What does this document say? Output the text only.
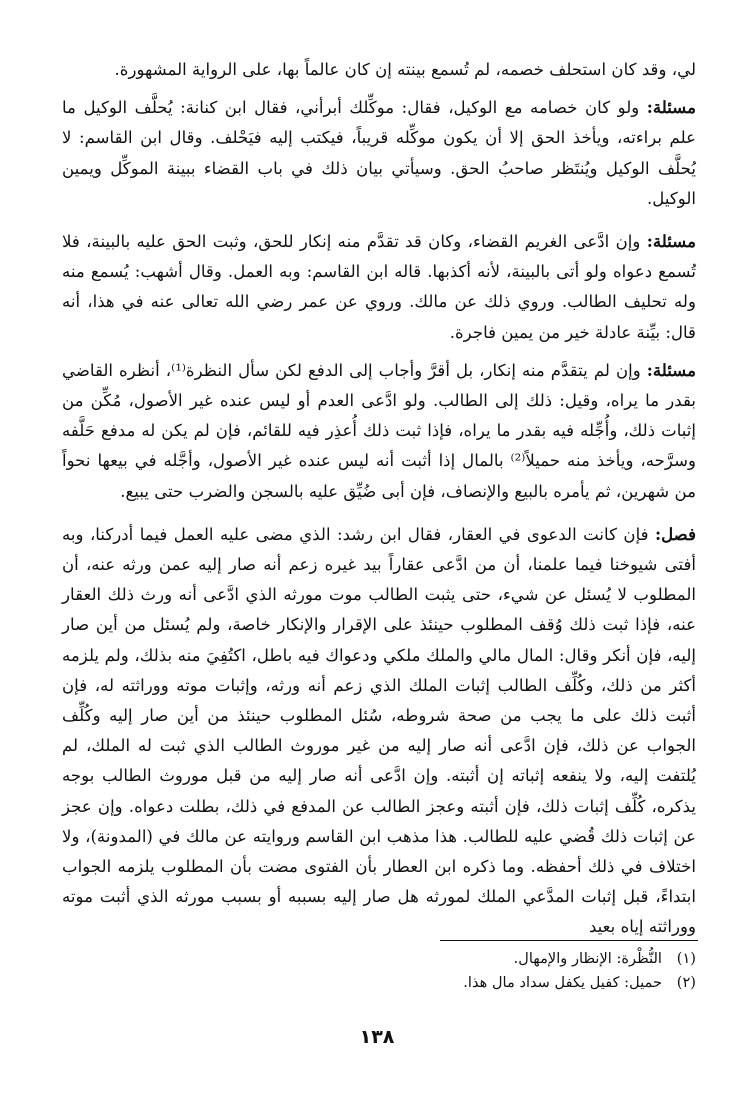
لي، وقد كان استحلف خصمه، لم تُسمع بينته إن كان عالماً بها، على الرواية المشهورة.

مسئلة: ولو كان خصامه مع الوكيل، فقال: موكِّلك أبرأني، فقال ابن كنانة: يُحلَّف الوكيل ما علم براءته، ويأخذ الحق إلا أن يكون موكِّله قريباً، فيكتب إليه فيَحْلف. وقال ابن القاسم: لا يُحلَّف الوكيل ويُنتَظر صاحبُ الحق. وسيأتي بيان ذلك في باب القضاء ببينة الموكِّل ويمين الوكيل.

مسئلة: وإن ادَّعى الغريم القضاء، وكان قد تقدَّم منه إنكار للحق، وثبت الحق عليه بالبينة، فلا تُسمع دعواه ولو أتى بالبينة، لأنه أكذبها. قاله ابن القاسم: وبه العمل. وقال أشهب: يُسمع منه وله تحليف الطالب. وروي ذلك عن مالك. وروي عن عمر رضي الله تعالى عنه في هذا، أنه قال: بيِّنة عادلة خير من يمين فاجرة.

مسئلة: وإن لم يتقدَّم منه إنكار، بل أقرَّ وأجاب إلى الدفع لكن سأل النظرة⁽¹⁾، أنظره القاضي بقدر ما يراه، وقيل: ذلك إلى الطالب. ولو ادَّعى العدم أو ليس عنده غير الأصول، مُكِّن من إثبات ذلك، وأُجِّله فيه بقدر ما يراه، فإذا ثبت ذلك أُعذِر فيه للقائم، فإن لم يكن له مدفع حَلَّفه وسرَّحه، ويأخذ منه حميلاً⁽²⁾ بالمال إذا أثبت أنه ليس عنده غير الأصول، وأجَّله في بيعها نحواً من شهرين، ثم يأمره بالبيع والإنصاف، فإن أبى ضُيِّق عليه بالسجن والضرب حتى يبيع.

فصل: فإن كانت الدعوى في العقار، فقال ابن رشد: الذي مضى عليه العمل فيما أدركنا، وبه أفتى شيوخنا فيما علمنا، أن من ادَّعى عقاراً بيد غيره زعم أنه صار إليه عمن ورثه عنه، أن المطلوب لا يُسئل عن شيء، حتى يثبت الطالب موت مورثه الذي ادَّعى أنه ورث ذلك العقار عنه، فإذا ثبت ذلك وُقف المطلوب حينئذ على الإقرار والإنكار خاصة، ولم يُسئل من أين صار إليه، فإن أنكر وقال: المال مالي والملك ملكي ودعواك فيه باطل، اكتُفِيَ منه بذلك، ولم يلزمه أكثر من ذلك، وكُلِّف الطالب إثبات الملك الذي زعم أنه ورثه، وإثبات موته ووراثته له، فإن أثبت ذلك على ما يجب من صحة شروطه، سُئل المطلوب حينئذ من أين صار إليه وكُلِّف الجواب عن ذلك، فإن ادَّعى أنه صار إليه من غير موروث الطالب الذي ثبت له الملك، لم يُلتفت إليه، ولا ينفعه إثباته إن أثبته. وإن ادَّعى أنه صار إليه من قبل موروث الطالب بوجه يذكره، كُلِّف إثبات ذلك، فإن أثبته وعجز الطالب عن المدفع في ذلك، بطلت دعواه. وإن عجز عن إثبات ذلك قُضي عليه للطالب. هذا مذهب ابن القاسم وروايته عن مالك في (المدونة)، ولا اختلاف في ذلك أحفظه. وما ذكره ابن العطار بأن الفتوى مضت بأن المطلوب يلزمه الجواب ابتداءً، قبل إثبات المدَّعي الملك لمورثه هل صار إليه بسببه أو بسبب مورثه الذي أثبت موته ووراثته إياه بعيد

(١)النُّظْرة: الإنظار والإمهال.

(٢)حميل: كفيل يكفل سداد مال هذا.

١٣٨
